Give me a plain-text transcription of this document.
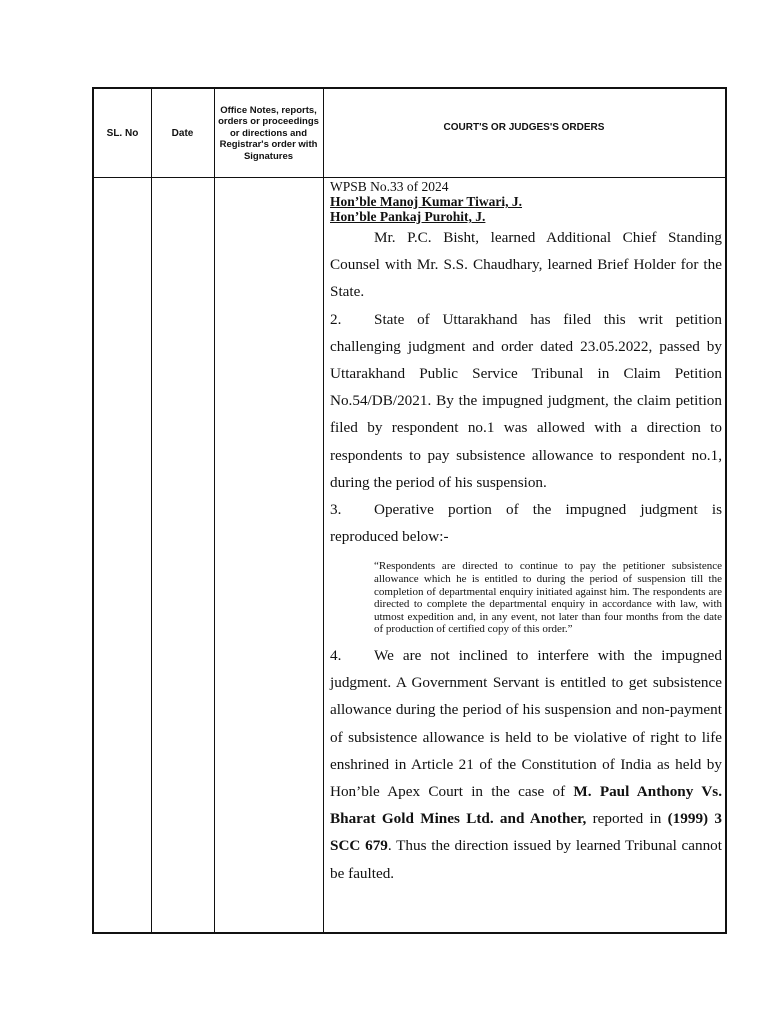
SL. No	Date
Office Notes, reports, orders or proceedings or directions and Registrar's order with Signatures
COURT'S OR JUDGES'S ORDERS

WPSB No.33 of 2024

Hon’ble Manoj Kumar Tiwari, J.

Hon’ble Pankaj Purohit, J.

Mr. P.C. Bisht, learned Additional Chief Standing Counsel with Mr. S.S. Chaudhary, learned Brief Holder for the State.

2. State of Uttarakhand has filed this writ petition challenging judgment and order dated 23.05.2022, passed by Uttarakhand Public Service Tribunal in Claim Petition No.54/DB/2021. By the impugned judgment, the claim petition filed by respondent no.1 was allowed with a direction to respondents to pay subsistence allowance to respondent no.1, during the period of his suspension.

3. Operative portion of the impugned judgment is reproduced below:-

“Respondents are directed to continue to pay the petitioner subsistence allowance which he is entitled to during the period of suspension till the completion of departmental enquiry initiated against him. The respondents are directed to complete the departmental enquiry in accordance with law, with utmost expedition and, in any event, not later than four months from the date of production of certified copy of this order.”

4. We are not inclined to interfere with the impugned judgment. A Government Servant is entitled to get subsistence allowance during the period of his suspension and non-payment of subsistence allowance is held to be violative of right to life enshrined in Article 21 of the Constitution of India as held by Hon’ble Apex Court in the case of M. Paul Anthony Vs. Bharat Gold Mines Ltd. and Another, reported in (1999) 3 SCC 679. Thus the direction issued by learned Tribunal cannot be faulted.
